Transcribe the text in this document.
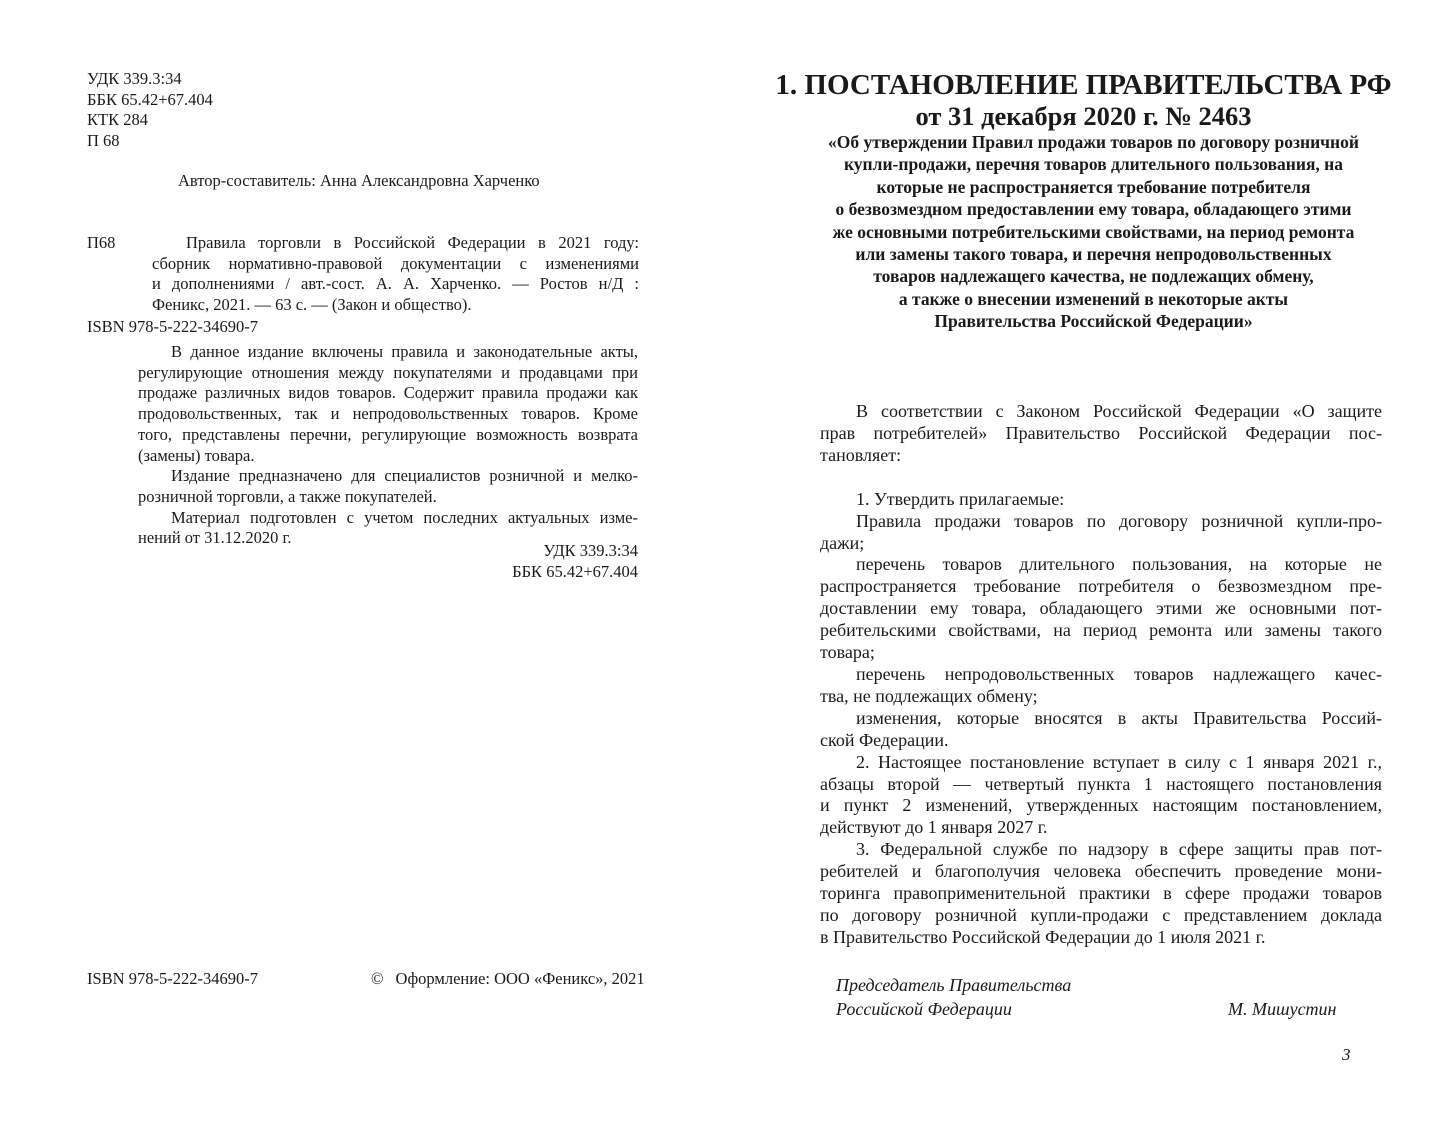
УДК 339.3:34
ББК 65.42+67.404
КТК 284
П 68
Автор-составитель: Анна Александровна Харченко
П68	Правила торговли в Российской Федерации в 2021 году:
сборник нормативно-правовой документации с изменениями
и дополнениями / авт.-сост. А. А. Харченко. — Ростов н/Д :
Феникс, 2021. — 63 с. — (Закон и общество).
ISBN 978-5-222-34690-7
В данное издание включены правила и законодательные акты,
регулирующие отношения между покупателями и продавцами при
продаже различных видов товаров. Содержит правила продажи как
продовольственных, так и непродовольственных товаров. Кроме
того, представлены перечни, регулирующие возможность возврата
(замены) товара.
Издание предназначено для специалистов розничной и мелко-
розничной торговли, а также покупателей.
Материал подготовлен с учетом последних актуальных изме-
нений от 31.12.2020 г.
УДК 339.3:34
ББК 65.42+67.404
ISBN 978-5-222-34690-7	© Оформление: ООО «Феникс», 2021
1. ПОСТАНОВЛЕНИЕ ПРАВИТЕЛЬСТВА РФ
от 31 декабря 2020 г. № 2463
«Об утверждении Правил продажи товаров по договору розничной
купли-продажи, перечня товаров длительного пользования, на
которые не распространяется требование потребителя
о безвозмездном предоставлении ему товара, обладающего этими
же основными потребительскими свойствами, на период ремонта
или замены такого товара, и перечня непродовольственных
товаров надлежащего качества, не подлежащих обмену,
а также о внесении изменений в некоторые акты
Правительства Российской Федерации»
В соответствии с Законом Российской Федерации «О защите
прав потребителей» Правительство Российской Федерации пос-
тановляет:
1. Утвердить прилагаемые:
Правила продажи товаров по договору розничной купли-про-
дажи;
перечень товаров длительного пользования, на которые не
распространяется требование потребителя о безвозмездном пре-
доставлении ему товара, обладающего этими же основными пот-
ребительскими свойствами, на период ремонта или замены такого
товара;
перечень непродовольственных товаров надлежащего качес-
тва, не подлежащих обмену;
изменения, которые вносятся в акты Правительства Россий-
ской Федерации.
2. Настоящее постановление вступает в силу с 1 января 2021 г.,
абзацы второй — четвертый пункта 1 настоящего постановления
и пункт 2 изменений, утвержденных настоящим постановлением,
действуют до 1 января 2027 г.
3. Федеральной службе по надзору в сфере защиты прав пот-
ребителей и благополучия человека обеспечить проведение мони-
торинга правоприменительной практики в сфере продажи товаров
по договору розничной купли-продажи с представлением доклада
в Правительство Российской Федерации до 1 июля 2021 г.
Председатель Правительства
Российской Федерации	М. Мишустин
3
